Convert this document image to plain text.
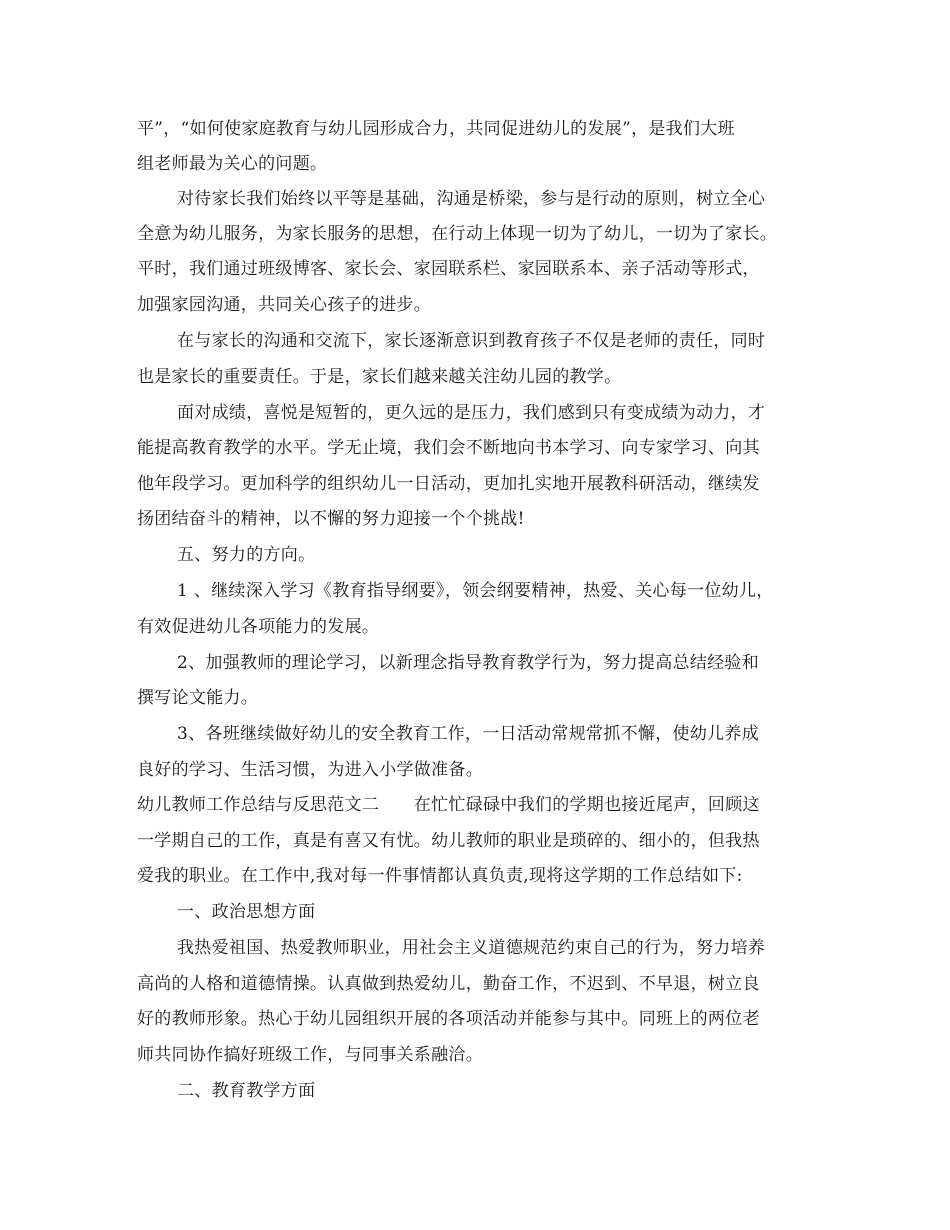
平”，“如何使家庭教育与幼儿园形成合力，共同促进幼儿的发展”，是我们大班
组老师最为关心的问题。
对待家长我们始终以平等是基础，沟通是桥梁，参与是行动的原则，树立全心
全意为幼儿服务，为家长服务的思想，在行动上体现一切为了幼儿，一切为了家长。
平时，我们通过班级博客、家长会、家园联系栏、家园联系本、亲子活动等形式，
加强家园沟通，共同关心孩子的进步。
在与家长的沟通和交流下，家长逐渐意识到教育孩子不仅是老师的责任，同时
也是家长的重要责任。于是，家长们越来越关注幼儿园的教学。
面对成绩，喜悦是短暂的，更久远的是压力，我们感到只有变成绩为动力，才
能提高教育教学的水平。学无止境，我们会不断地向书本学习、向专家学习、向其
他年段学习。更加科学的组织幼儿一日活动，更加扎实地开展教科研活动，继续发
扬团结奋斗的精神，以不懈的努力迎接一个个挑战!
五、努力的方向。
1 、继续深入学习《教育指导纲要》，领会纲要精神，热爱、关心每一位幼儿，
有效促进幼儿各项能力的发展。
2、加强教师的理论学习，以新理念指导教育教学行为，努力提高总结经验和
撰写论文能力。
3、各班继续做好幼儿的安全教育工作，一日活动常规常抓不懈，使幼儿养成
良好的学习、生活习惯，为进入小学做准备。
幼儿教师工作总结与反思范文二　　在忙忙碌碌中我们的学期也接近尾声，回顾这
一学期自己的工作，真是有喜又有忧。幼儿教师的职业是琐碎的、细小的，但我热
爱我的职业。在工作中,我对每一件事情都认真负责,现将这学期的工作总结如下:
一、政治思想方面
我热爱祖国、热爱教师职业，用社会主义道德规范约束自己的行为，努力培养
高尚的人格和道德情操。认真做到热爱幼儿，勤奋工作，不迟到、不早退，树立良
好的教师形象。热心于幼儿园组织开展的各项活动并能参与其中。同班上的两位老
师共同协作搞好班级工作，与同事关系融洽。
二、教育教学方面
